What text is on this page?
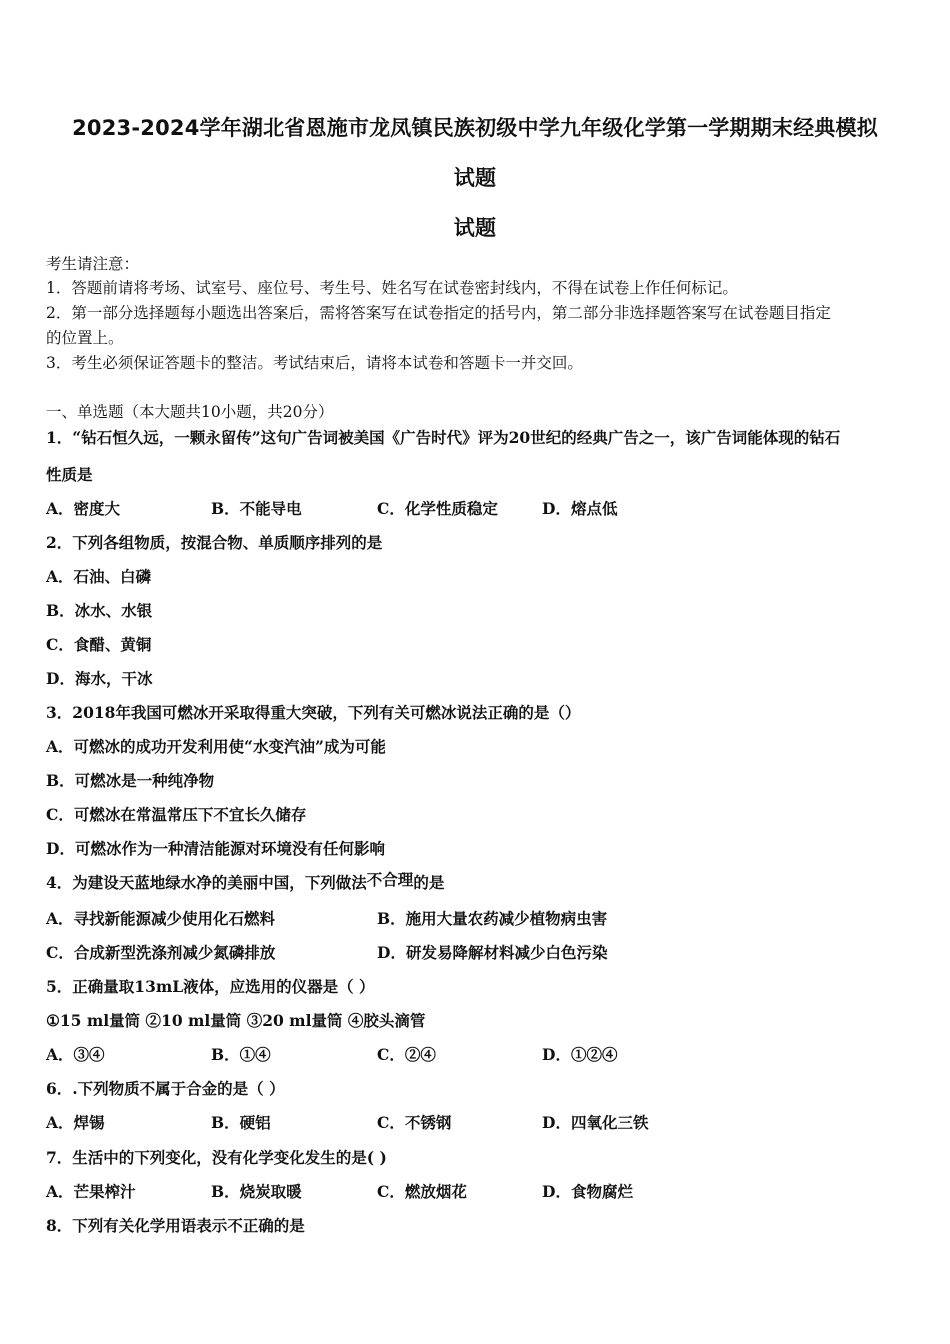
2023-2024学年湖北省恩施市龙凤镇民族初级中学九年级化学第一学期期末经典模拟
试题
试题
考生请注意：
1．答题前请将考场、试室号、座位号、考生号、姓名写在试卷密封线内，不得在试卷上作任何标记。
2．第一部分选择题每小题选出答案后，需将答案写在试卷指定的括号内，第二部分非选择题答案写在试卷题目指定
的位置上。
3．考生必须保证答题卡的整洁。考试结束后，请将本试卷和答题卡一并交回。
一、单选题（本大题共10小题，共20分）
1．“钻石恒久远，一颗永留传”这句广告词被美国《广告时代》评为20世纪的经典广告之一，该广告词能体现的钻石
性质是
A．密度大	B．不能导电	C．化学性质稳定	D．熔点低
2．下列各组物质，按混合物、单质顺序排列的是
A．石油、白磷
B．冰水、水银
C．食醋、黄铜
D．海水，干冰
3．2018年我国可燃冰开采取得重大突破，下列有关可燃冰说法正确的是（）
A．可燃冰的成功开发利用使“水变汽油”成为可能
B．可燃冰是一种纯净物
C．可燃冰在常温常压下不宜长久储存
D．可燃冰作为一种清洁能源对环境没有任何影响
4．为建设天蓝地绿水净的美丽中国，下列做法不合理的是
A．寻找新能源减少使用化石燃料	B．施用大量农药减少植物病虫害
C．合成新型洗涤剂减少氮磷排放	D．研发易降解材料减少白色污染
5．正确量取13mL液体，应选用的仪器是（ ）
①15 ml量筒 ②10 ml量筒 ③20 ml量筒 ④胶头滴管
A．③④	B．①④	C．②④	D．①②④
6．.下列物质不属于合金的是（ ）
A．焊锡	B．硬铝	C．不锈钢	D．四氧化三铁
7．生活中的下列变化，没有化学变化发生的是( )
A．芒果榨汁	B．烧炭取暖	C．燃放烟花	D．食物腐烂
8．下列有关化学用语表示不正确的是
